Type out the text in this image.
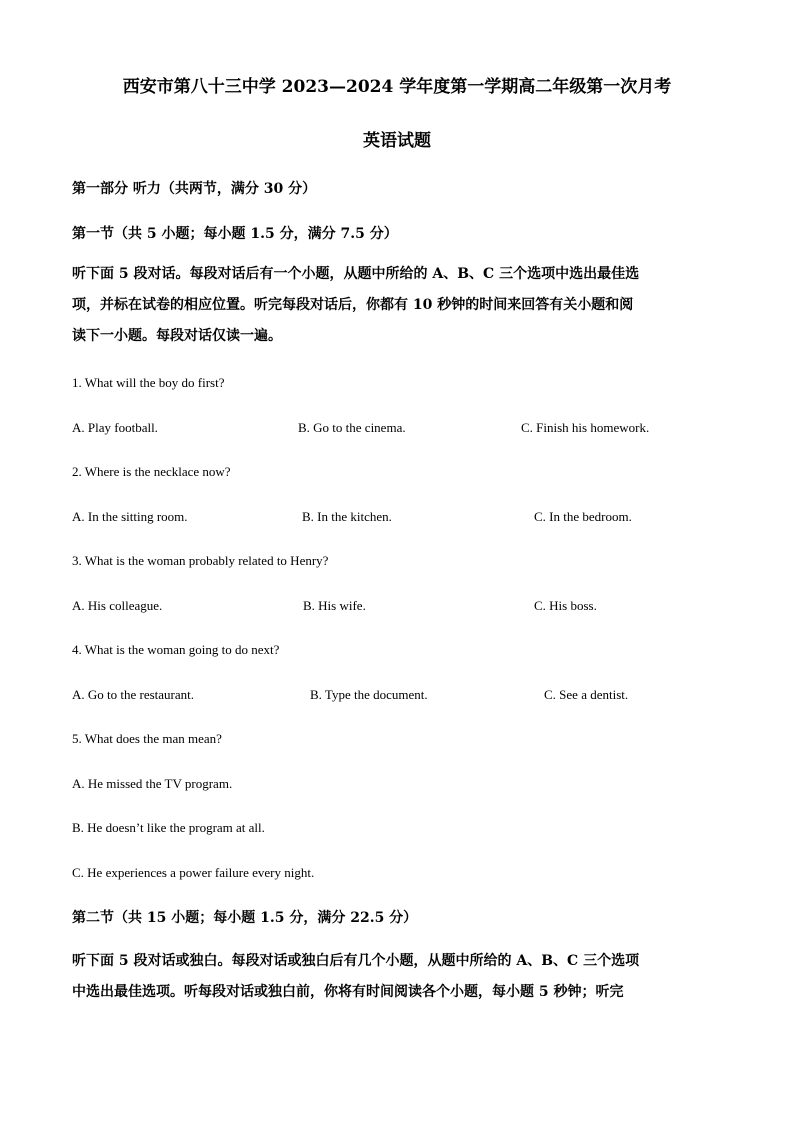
西安市第八十三中学 2023—2024 学年度第一学期高二年级第一次月考
英语试题
第一部分 听力（共两节，满分 30 分）
第一节（共 5 小题；每小题 1.5 分，满分 7.5 分）
听下面 5 段对话。每段对话后有一个小题，从题中所给的 A、B、C 三个选项中选出最佳选
项，并标在试卷的相应位置。听完每段对话后，你都有 10 秒钟的时间来回答有关小题和阅
读下一小题。每段对话仅读一遍。
1. What will the boy do first?
A. Play football.	B. Go to the cinema.	C. Finish his homework.
2. Where is the necklace now?
A. In the sitting room.	B. In the kitchen.	C. In the bedroom.
3. What is the woman probably related to Henry?
A. His colleague.	B. His wife.	C. His boss.
4. What is the woman going to do next?
A. Go to the restaurant.	B. Type the document.	C. See a dentist.
5. What does the man mean?
A. He missed the TV program.
B. He doesn’t like the program at all.
C. He experiences a power failure every night.
第二节（共 15 小题；每小题 1.5 分，满分 22.5 分）
听下面 5 段对话或独白。每段对话或独白后有几个小题，从题中所给的 A、B、C 三个选项
中选出最佳选项。听每段对话或独白前，你将有时间阅读各个小题，每小题 5 秒钟；听完
